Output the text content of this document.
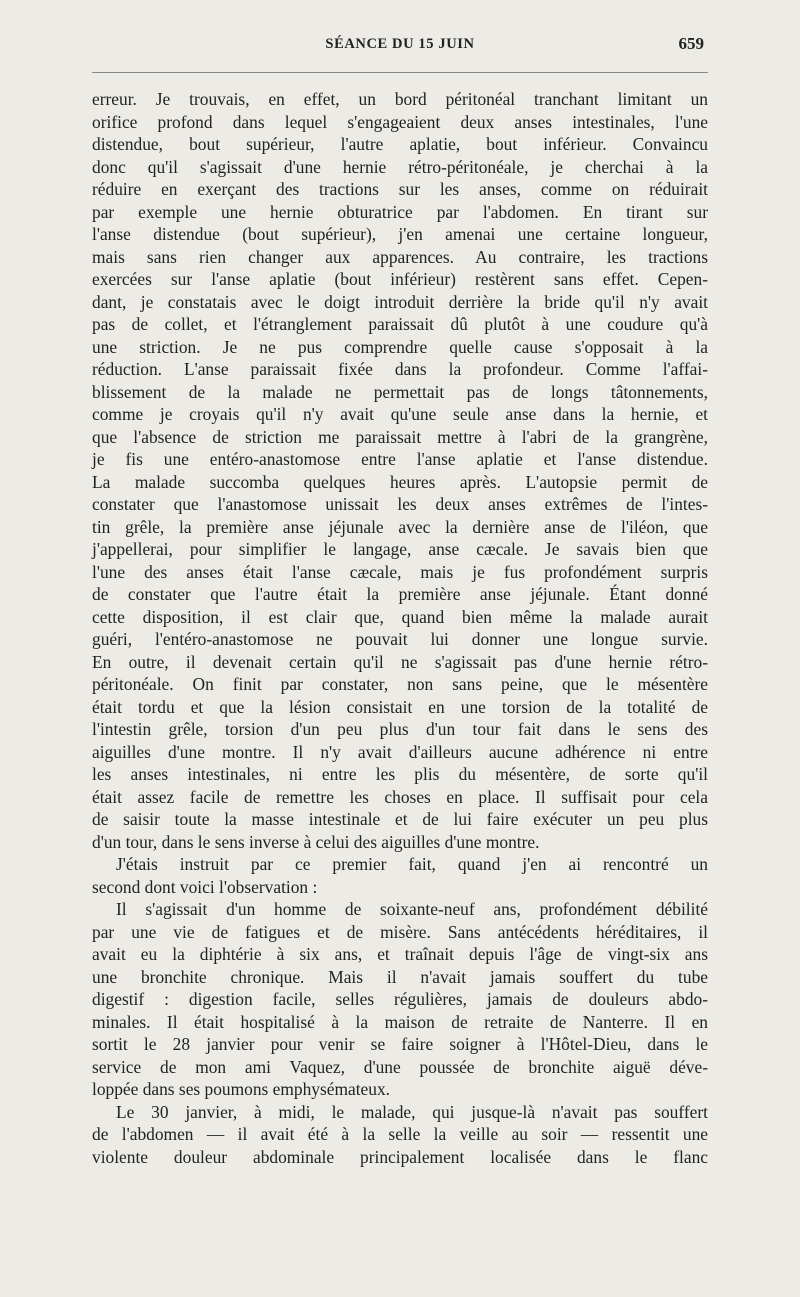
SÉANCE DU 15 JUIN	659
erreur. Je trouvais, en effet, un bord péritonéal tranchant limitant un
orifice profond dans lequel s'engageaient deux anses intestinales, l'une
distendue, bout supérieur, l'autre aplatie, bout inférieur. Convaincu
donc qu'il s'agissait d'une hernie rétro-péritonéale, je cherchai à la
réduire en exerçant des tractions sur les anses, comme on réduirait
par exemple une hernie obturatrice par l'abdomen. En tirant sur
l'anse distendue (bout supérieur), j'en amenai une certaine longueur,
mais sans rien changer aux apparences. Au contraire, les tractions
exercées sur l'anse aplatie (bout inférieur) restèrent sans effet. Cepen-
dant, je constatais avec le doigt introduit derrière la bride qu'il n'y avait
pas de collet, et l'étranglement paraissait dû plutôt à une coudure qu'à
une striction. Je ne pus comprendre quelle cause s'opposait à la
réduction. L'anse paraissait fixée dans la profondeur. Comme l'affai-
blissement de la malade ne permettait pas de longs tâtonnements,
comme je croyais qu'il n'y avait qu'une seule anse dans la hernie, et
que l'absence de striction me paraissait mettre à l'abri de la grangrène,
je fis une entéro-anastomose entre l'anse aplatie et l'anse distendue.
La malade succomba quelques heures après. L'autopsie permit de
constater que l'anastomose unissait les deux anses extrêmes de l'intes-
tin grêle, la première anse jéjunale avec la dernière anse de l'iléon, que
j'appellerai, pour simplifier le langage, anse cæcale. Je savais bien que
l'une des anses était l'anse cæcale, mais je fus profondément surpris
de constater que l'autre était la première anse jéjunale. Étant donné
cette disposition, il est clair que, quand bien même la malade aurait
guéri, l'entéro-anastomose ne pouvait lui donner une longue survie.
En outre, il devenait certain qu'il ne s'agissait pas d'une hernie rétro-
péritonéale. On finit par constater, non sans peine, que le mésentère
était tordu et que la lésion consistait en une torsion de la totalité de
l'intestin grêle, torsion d'un peu plus d'un tour fait dans le sens des
aiguilles d'une montre. Il n'y avait d'ailleurs aucune adhérence ni entre
les anses intestinales, ni entre les plis du mésentère, de sorte qu'il
était assez facile de remettre les choses en place. Il suffisait pour cela
de saisir toute la masse intestinale et de lui faire exécuter un peu plus
d'un tour, dans le sens inverse à celui des aiguilles d'une montre.
J'étais instruit par ce premier fait, quand j'en ai rencontré un
second dont voici l'observation :
Il s'agissait d'un homme de soixante-neuf ans, profondément débilité
par une vie de fatigues et de misère. Sans antécédents héréditaires, il
avait eu la diphtérie à six ans, et traînait depuis l'âge de vingt-six ans
une bronchite chronique. Mais il n'avait jamais souffert du tube
digestif : digestion facile, selles régulières, jamais de douleurs abdo-
minales. Il était hospitalisé à la maison de retraite de Nanterre. Il en
sortit le 28 janvier pour venir se faire soigner à l'Hôtel-Dieu, dans le
service de mon ami Vaquez, d'une poussée de bronchite aiguë déve-
loppée dans ses poumons emphysémateux.
Le 30 janvier, à midi, le malade, qui jusque-là n'avait pas souffert
de l'abdomen — il avait été à la selle la veille au soir — ressentit une
violente douleur abdominale principalement localisée dans le flanc
